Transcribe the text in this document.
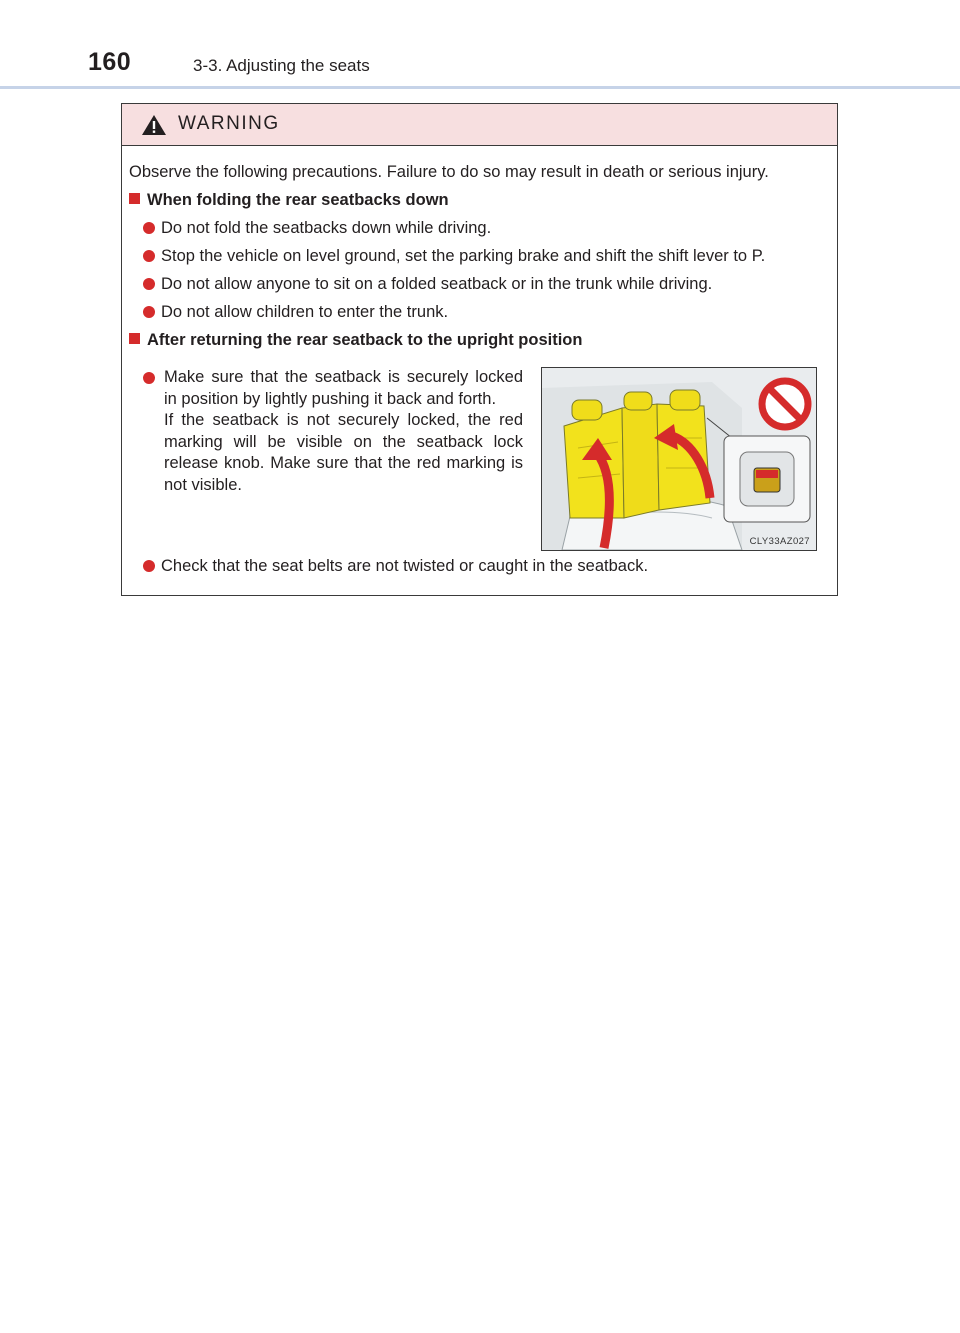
160	3-3. Adjusting the seats
WARNING
Observe the following precautions. Failure to do so may result in death or serious injury.
When folding the rear seatbacks down
Do not fold the seatbacks down while driving.
Stop the vehicle on level ground, set the parking brake and shift the shift lever to P.
Do not allow anyone to sit on a folded seatback or in the trunk while driving.
Do not allow children to enter the trunk.
After returning the rear seatback to the upright position
Make sure that the seatback is securely locked in position by lightly pushing it back and forth.
If the seatback is not securely locked, the red marking will be visible on the seatback lock release knob. Make sure that the red marking is not visible.
CLY33AZ027
Check that the seat belts are not twisted or caught in the seatback.
